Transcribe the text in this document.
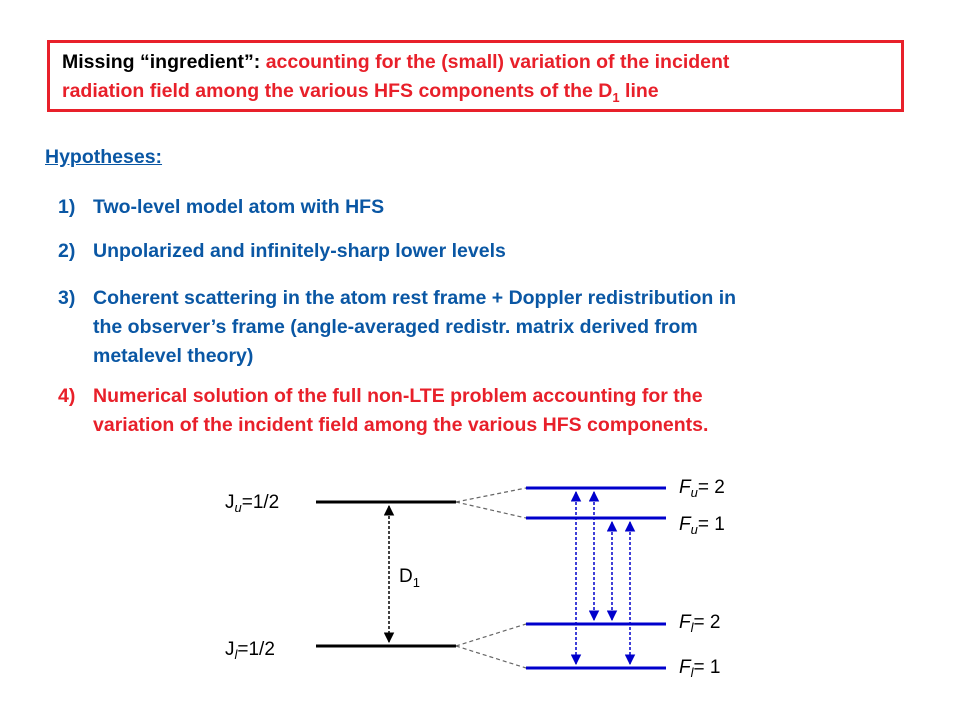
Missing “ingredient”: accounting for the (small) variation of the incident
radiation field among the various HFS components of the $D_1$ line
Hypotheses:
1) Two-level model atom with HFS
2) Unpolarized and infinitely-sharp lower levels
3) Coherent scattering in the atom rest frame + Doppler redistribution in
the observer’s frame (angle-averaged redistr. matrix derived from
metalevel theory)
4) Numerical solution of the full non-LTE problem accounting for the
variation of the incident field among the various HFS components.
$J_u=1/2$
$J_l=1/2$
$D_1$
$F_u= 2$
$F_u= 1$
$F_l= 2$
$F_l= 1$
